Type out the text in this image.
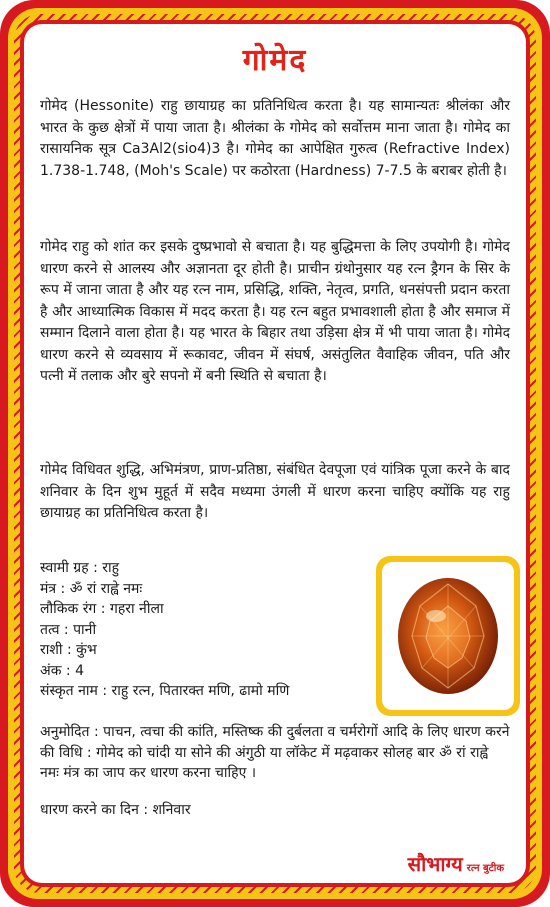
गोमेद
गोमेद (Hessonite) राहु छायाग्रह का प्रतिनिधित्व करता है। यह सामान्यतः श्रीलंका और भारत के कुछ क्षेत्रों में पाया जाता है। श्रीलंका के गोमेद को सर्वोत्तम माना जाता है। गोमेद का रासायनिक सूत्र Ca3Al2(sio4)3 है। गोमेद का आपेक्षित गुरुत्व (Refractive Index) 1.738-1.748, (Moh's Scale) पर कठोरता (Hardness) 7-7.5 के बराबर होती है।
गोमेद राहु को शांत कर इसके दुष्प्रभावो से बचाता है। यह बुद्धिमत्ता के लिए उपयोगी है। गोमेद धारण करने से आलस्य और अज्ञानता दूर होती है। प्राचीन ग्रंथोनुसार यह रत्न ड्रैगन के सिर के रूप में जाना जाता है और यह रत्न नाम, प्रसिद्धि, शक्ति, नेतृत्व, प्रगति, धनसंपत्ती प्रदान करता है और आध्यात्मिक विकास में मदद करता है। यह रत्न बहुत प्रभावशाली होता है और समाज में सम्मान दिलाने वाला होता है। यह भारत के बिहार तथा उड़िसा क्षेत्र में भी पाया जाता है। गोमेद धारण करने से व्यवसाय में रूकावट, जीवन में संघर्ष, असंतुलित वैवाहिक जीवन, पति और पत्नी में तलाक और बुरे सपनो में बनी स्थिति से बचाता है।
गोमेद विधिवत शुद्धि, अभिमंत्रण, प्राण-प्रतिष्ठा, संबंधित देवपूजा एवं यांत्रिक पूजा करने के बाद शनिवार के दिन शुभ मुहूर्त में सदैव मध्यमा उंगली में धारण करना चाहिए क्योंकि यह राहु छायाग्रह का प्रतिनिधित्व करता है।
स्वामी ग्रह : राहु
मंत्र : ॐ रां राह्वे नमः
लौकिक रंग : गहरा नीला
तत्व : पानी
राशी : कुंभ
अंक : 4
संस्कृत नाम : राहु रत्न, पितारक्त मणि, ढामो मणि
अनुमोदित : पाचन, त्वचा की कांति, मस्तिष्क की दुर्बलता व चर्मरोगों आदि के लिए धारण करने की विधि : गोमेद को चांदी या सोने की अंगुठी या लॉकेट में मढ़वाकर सोलह बार ॐ रां राह्वे नमः मंत्र का जाप कर धारण करना चाहिए ।
धारण करने का दिन : शनिवार
सौभाग्य रत्न बुटीक
